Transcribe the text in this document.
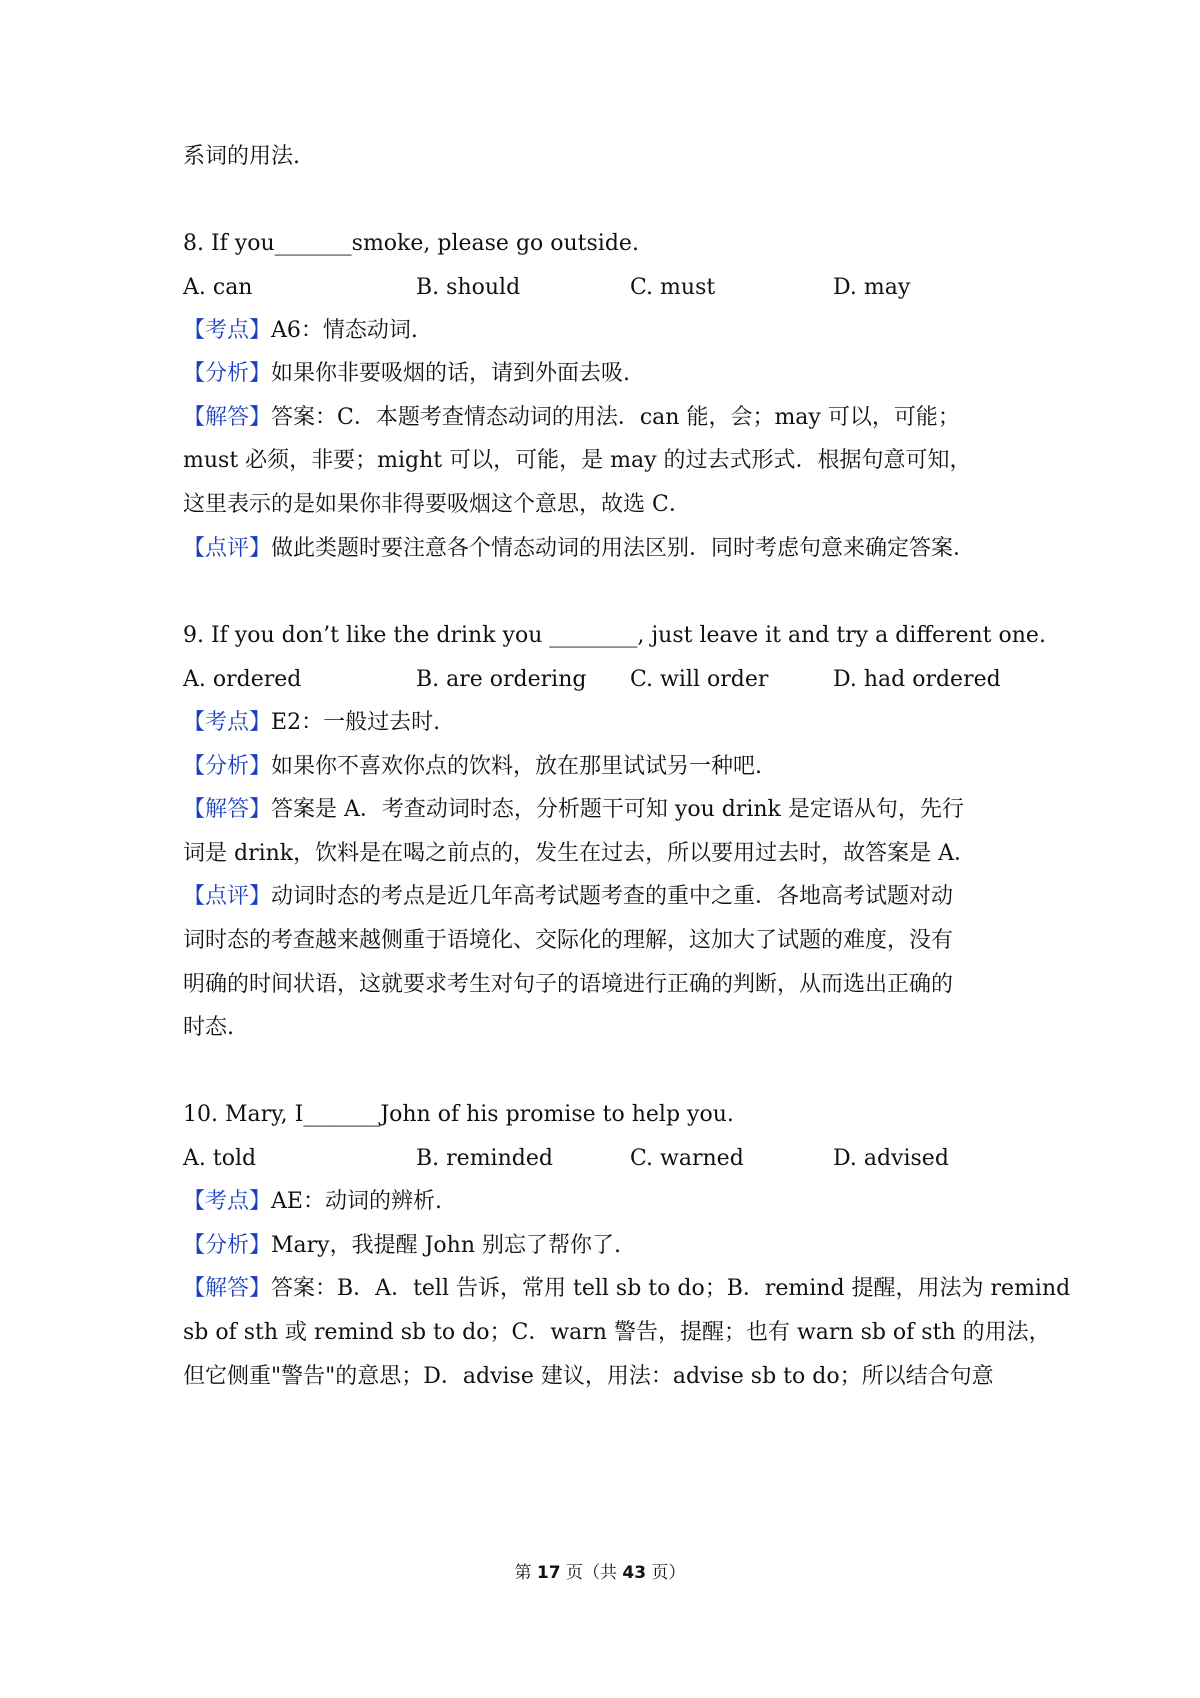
系词的用法.
8. If you_______smoke, please go outside.
A. can	B. should	C. must	D. may
【考点】A6：情态动词.
【分析】如果你非要吸烟的话，请到外面去吸.
【解答】答案：C．本题考查情态动词的用法．can 能，会；may 可以，可能；
must 必须，非要；might 可以，可能，是 may 的过去式形式．根据句意可知，
这里表示的是如果你非得要吸烟这个意思，故选 C．
【点评】做此类题时要注意各个情态动词的用法区别．同时考虑句意来确定答案．
9. If you don’t like the drink you ________, just leave it and try a different one.
A. ordered	B. are ordering C. will order	D. had ordered
【考点】E2：一般过去时.
【分析】如果你不喜欢你点的饮料，放在那里试试另一种吧.
【解答】答案是 A．考查动词时态，分析题干可知 you drink 是定语从句，先行
词是 drink，饮料是在喝之前点的，发生在过去，所以要用过去时，故答案是 A．
【点评】动词时态的考点是近几年高考试题考查的重中之重．各地高考试题对动
词时态的考查越来越侧重于语境化、交际化的理解，这加大了试题的难度，没有
明确的时间状语，这就要求考生对句子的语境进行正确的判断，从而选出正确的
时态.
10. Mary, I_______John of his promise to help you.
A. told	B. reminded	C. warned	D. advised
【考点】AE：动词的辨析.
【分析】Mary，我提醒 John 别忘了帮你了.
【解答】答案：B．A．tell 告诉，常用 tell sb to do；B．remind 提醒，用法为 remind
sb of sth 或 remind sb to do；C．warn 警告，提醒；也有 warn sb of sth 的用法，
但它侧重"警告"的意思；D．advise 建议，用法：advise sb to do；所以结合句意
第 17 页（共 43 页）
